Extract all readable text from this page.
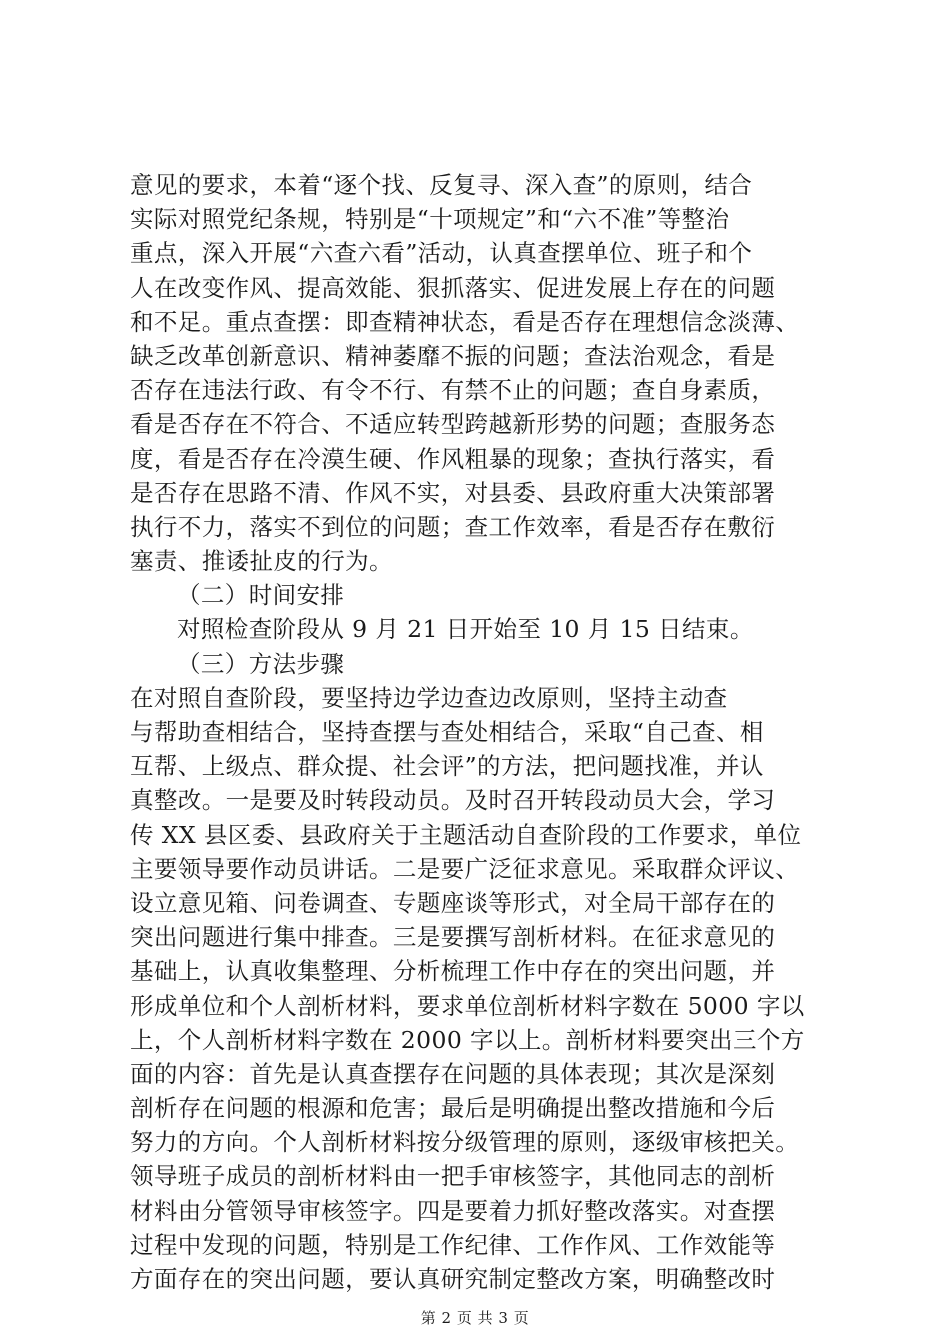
意见的要求，本着“逐个找、反复寻、深入查”的原则，结合
实际对照党纪条规，特别是“十项规定”和“六不准”等整治
重点，深入开展“六查六看”活动，认真查摆单位、班子和个
人在改变作风、提高效能、狠抓落实、促进发展上存在的问题
和不足。重点查摆：即查精神状态，看是否存在理想信念淡薄、
缺乏改革创新意识、精神萎靡不振的问题；查法治观念，看是
否存在违法行政、有令不行、有禁不止的问题；查自身素质，
看是否存在不符合、不适应转型跨越新形势的问题；查服务态
度，看是否存在冷漠生硬、作风粗暴的现象；查执行落实，看
是否存在思路不清、作风不实，对县委、县政府重大决策部署
执行不力，落实不到位的问题；查工作效率，看是否存在敷衍
塞责、推诿扯皮的行为。
（二）时间安排
对照检查阶段从 9 月 21 日开始至 10 月 15 日结束。
（三）方法步骤
在对照自查阶段，要坚持边学边查边改原则，坚持主动查
与帮助查相结合，坚持查摆与查处相结合，采取“自己查、相
互帮、上级点、群众提、社会评”的方法，把问题找准，并认
真整改。一是要及时转段动员。及时召开转段动员大会，学习
传 XX 县区委、县政府关于主题活动自查阶段的工作要求，单位
主要领导要作动员讲话。二是要广泛征求意见。采取群众评议、
设立意见箱、问卷调查、专题座谈等形式，对全局干部存在的
突出问题进行集中排查。三是要撰写剖析材料。在征求意见的
基础上，认真收集整理、分析梳理工作中存在的突出问题，并
形成单位和个人剖析材料，要求单位剖析材料字数在 5000 字以
上，个人剖析材料字数在 2000 字以上。剖析材料要突出三个方
面的内容：首先是认真查摆存在问题的具体表现；其次是深刻
剖析存在问题的根源和危害；最后是明确提出整改措施和今后
努力的方向。个人剖析材料按分级管理的原则，逐级审核把关。
领导班子成员的剖析材料由一把手审核签字，其他同志的剖析
材料由分管领导审核签字。四是要着力抓好整改落实。对查摆
过程中发现的问题，特别是工作纪律、工作作风、工作效能等
方面存在的突出问题，要认真研究制定整改方案，明确整改时
第 2 页 共 3 页
